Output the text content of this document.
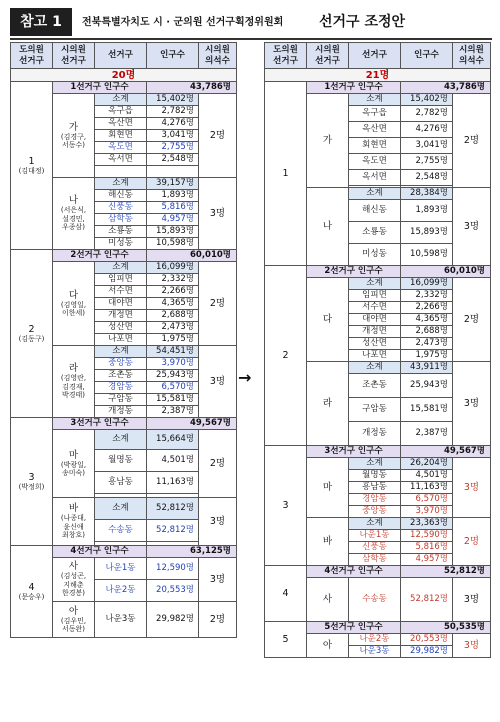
참고 1	전북특별자치도 시 · 군의원 선거구획정위원회	선거구 조정안
→
도의원
선거구	시의원
선거구	선거구	인구수	시의원
의석수
20명				
1
(김대정)	1선거구 인구수		43,786명	

	가
(김경구,
서동수)	소계	15,402명	2명
		옥구읍	2,782명	
		옥산면	4,276명	
		회현면	3,041명	
		옥도면	2,755명	
		옥서면	2,548명	

	나
(서은식,
설경민,
우종삼)	소계	39,157명	3명
		해신동	1,893명	
		신풍동	5,816명	
		삼학동	4,957명	
		소룡동	15,893명	
		미성동	10,598명	
2
(김동구)	2선거구 인구수		60,010명	

	다
(김영일,
이한세)	소계	16,099명	2명
		임피면	2,332명	
		서수면	2,266명	
		대야면	4,365명	
		개정면	2,688명	
		성산면	2,473명	
		나포면	1,975명	

	라
(김영란,
김경재,
박경태)	소계	54,451명	3명
		중앙동	3,970명	
		조촌동	25,943명	
		경암동	6,570명	
		구암동	15,581명	
		개정동	2,387명	
3
(박정희)	3선거구 인구수		49,567명	

	마
(박광일,
송미숙)	소계	15,664명	2명
		월명동	4,501명	
		흥남동	11,163명	

	바
(나종대,
윤신애
최창호)	소계	52,812명	3명
		수송동	52,812명	

4
(문승우)	4선거구 인구수		63,125명	

	사
(김성곤,
지해춘
한경봉)	나운1동	12,590명	3명
		나운2동	20,553명	

	아
(김우민,
서동완)	나운3동	29,982명	2명
도의원
선거구	시의원
선거구	선거구	인구수	시의원
의석수
21명				
1	1선거구 인구수		43,786명	

	가	소계	15,402명	2명
		옥구읍	2,782명	
		옥산면	4,276명	
		회현면	3,041명	
		옥도면	2,755명	
		옥서면	2,548명	

	나	소계	28,384명	3명
		해신동	1,893명	
		소룡동	15,893명	
		미성동	10,598명	
2	2선거구 인구수		60,010명	

	다	소계	16,099명	2명
		임피면	2,332명	
		서수면	2,266명	
		대야면	4,365명	
		개정면	2,688명	
		성산면	2,473명	
		나포면	1,975명	

	라	소계	43,911명	3명
		조촌동	25,943명	
		구암동	15,581명	
		개정동	2,387명	
3	3선거구 인구수		49,567명	

	마	소계	26,204명	3명
		월명동	4,501명	
		흥남동	11,163명	
		경암동	6,570명	
		중앙동	3,970명	

	바	소계	23,363명	2명
		나운1동	12,590명	
		신풍동	5,816명	
		삼학동	4,957명	
4	4선거구 인구수		52,812명	

	사	수송동	52,812명	3명
5	5선거구 인구수		50,535명	

	아	나운2동	20,553명	3명
		나운3동	29,982명	
